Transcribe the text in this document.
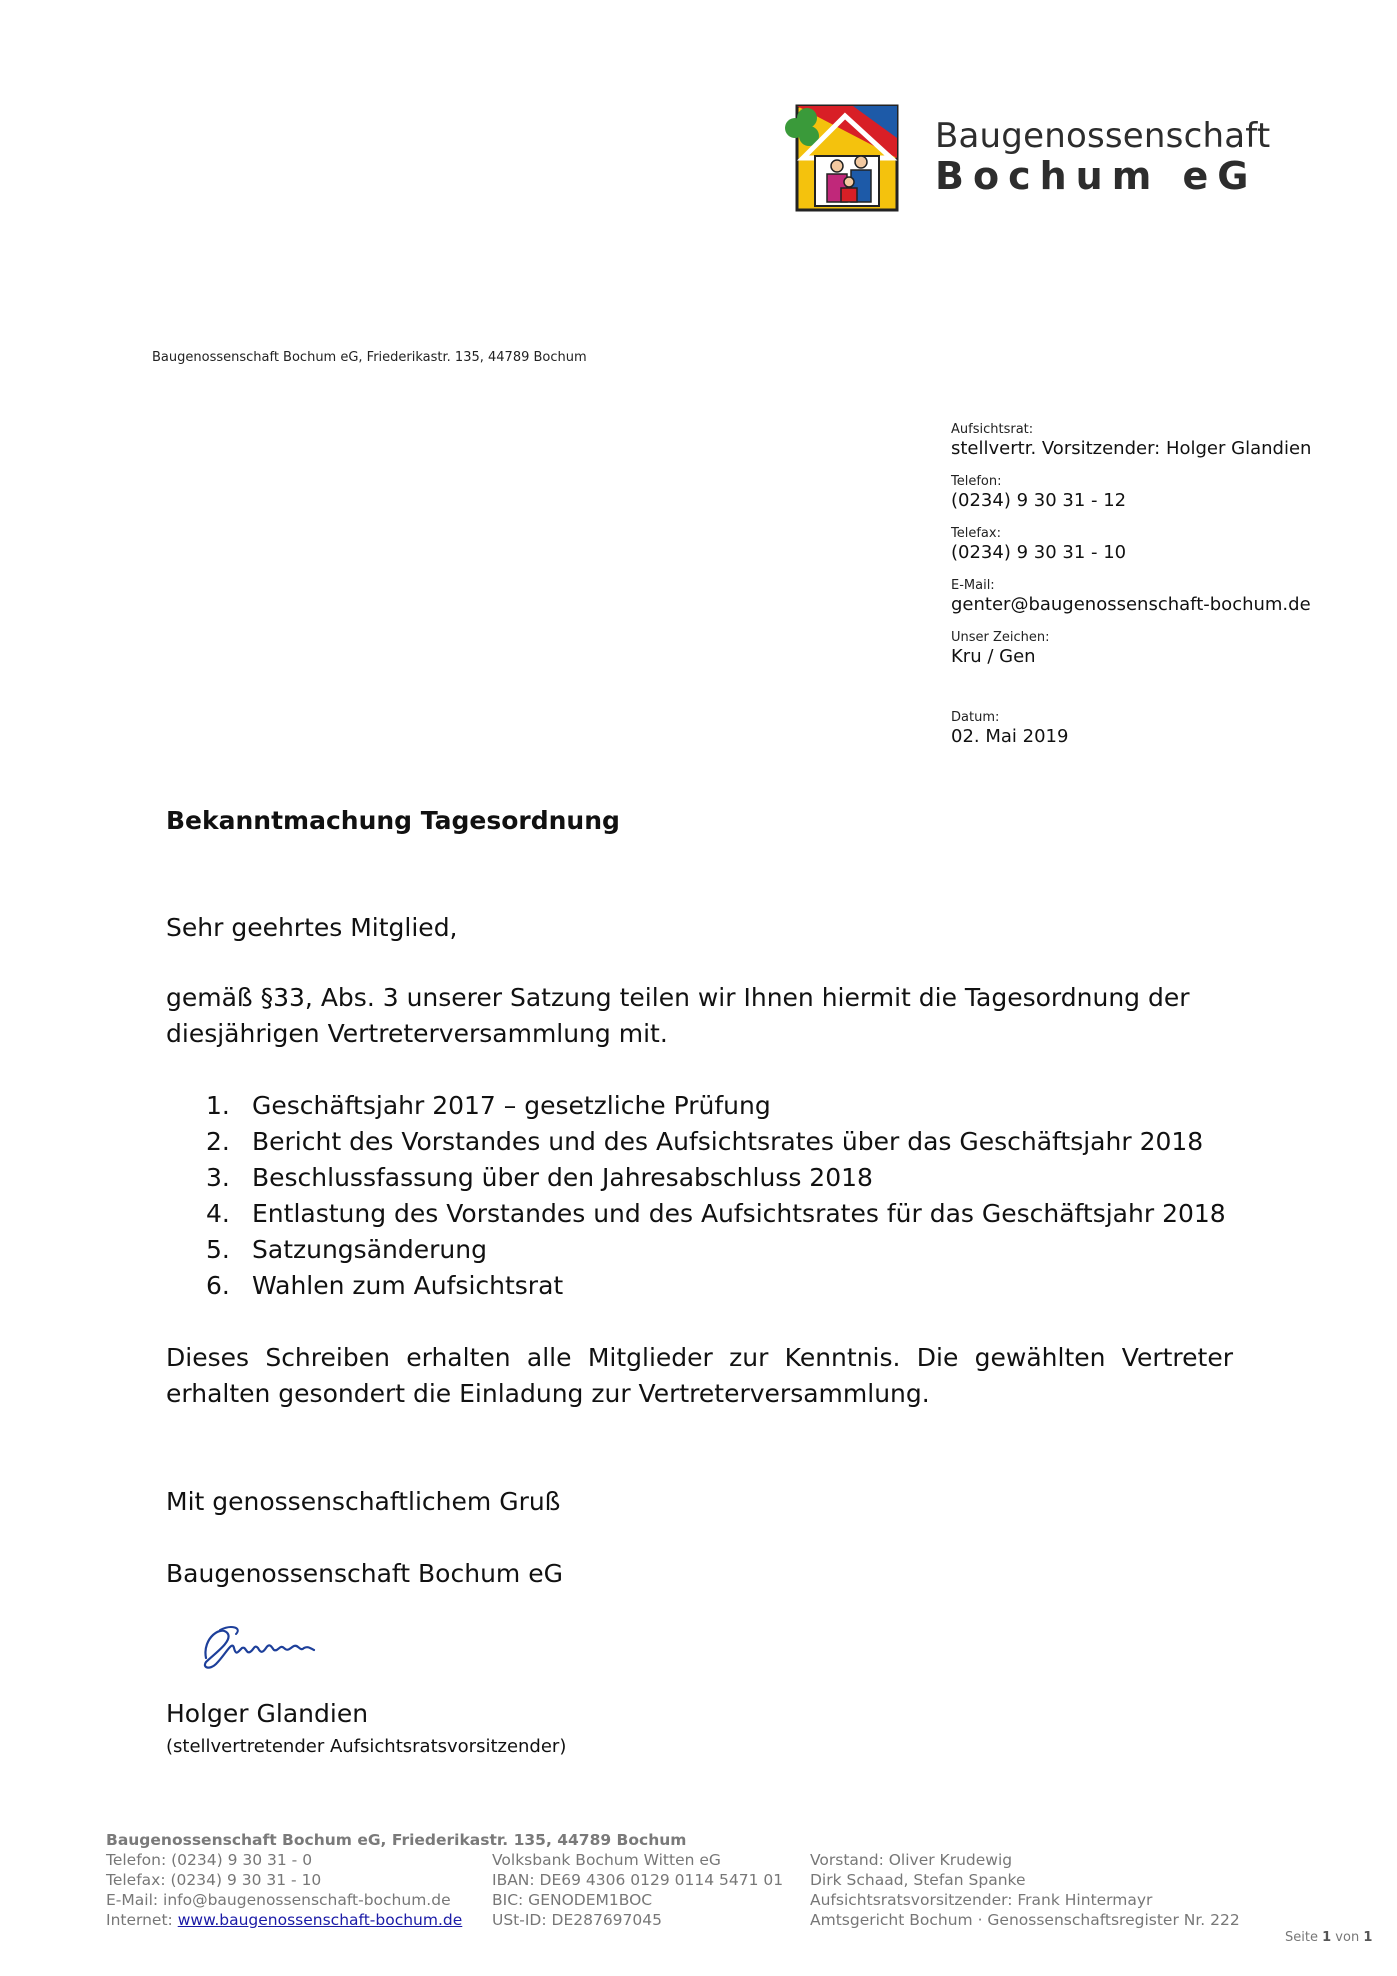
Baugenossenschaft
Bochum eG
Baugenossenschaft Bochum eG, Friederikastr. 135, 44789 Bochum
Aufsichtsrat:
stellvertr. Vorsitzender: Holger Glandien
Telefon:
(0234) 9 30 31 - 12
Telefax:
(0234) 9 30 31 - 10
E-Mail:
genter@baugenossenschaft-bochum.de
Unser Zeichen:
Kru / Gen
Datum:
02. Mai 2019
Bekanntmachung Tagesordnung
Sehr geehrtes Mitglied,
gemäß §33, Abs. 3 unserer Satzung teilen wir Ihnen hiermit die Tagesordnung der diesjährigen Vertreterversammlung mit.
1. Geschäftsjahr 2017 – gesetzliche Prüfung
2. Bericht des Vorstandes und des Aufsichtsrates über das Geschäftsjahr 2018
3. Beschlussfassung über den Jahresabschluss 2018
4. Entlastung des Vorstandes und des Aufsichtsrates für das Geschäftsjahr 2018
5. Satzungsänderung
6. Wahlen zum Aufsichtsrat
Dieses Schreiben erhalten alle Mitglieder zur Kenntnis. Die gewählten Vertreter erhalten gesondert die Einladung zur Vertreterversammlung.
Mit genossenschaftlichem Gruß
Baugenossenschaft Bochum eG
Holger Glandien
(stellvertretender Aufsichtsratsvorsitzender)
Baugenossenschaft Bochum eG, Friederikastr. 135, 44789 Bochum
Telefon: (0234) 9 30 31 - 0
Telefax: (0234) 9 30 31 - 10
E-Mail: info@baugenossenschaft-bochum.de
Internet: www.baugenossenschaft-bochum.de
Volksbank Bochum Witten eG
IBAN: DE69 4306 0129 0114 5471 01
BIC: GENODEM1BOC
USt-ID: DE287697045
Vorstand: Oliver Krudewig
Dirk Schaad, Stefan Spanke
Aufsichtsratsvorsitzender: Frank Hintermayr
Amtsgericht Bochum · Genossenschaftsregister Nr. 222
Seite 1 von 1
